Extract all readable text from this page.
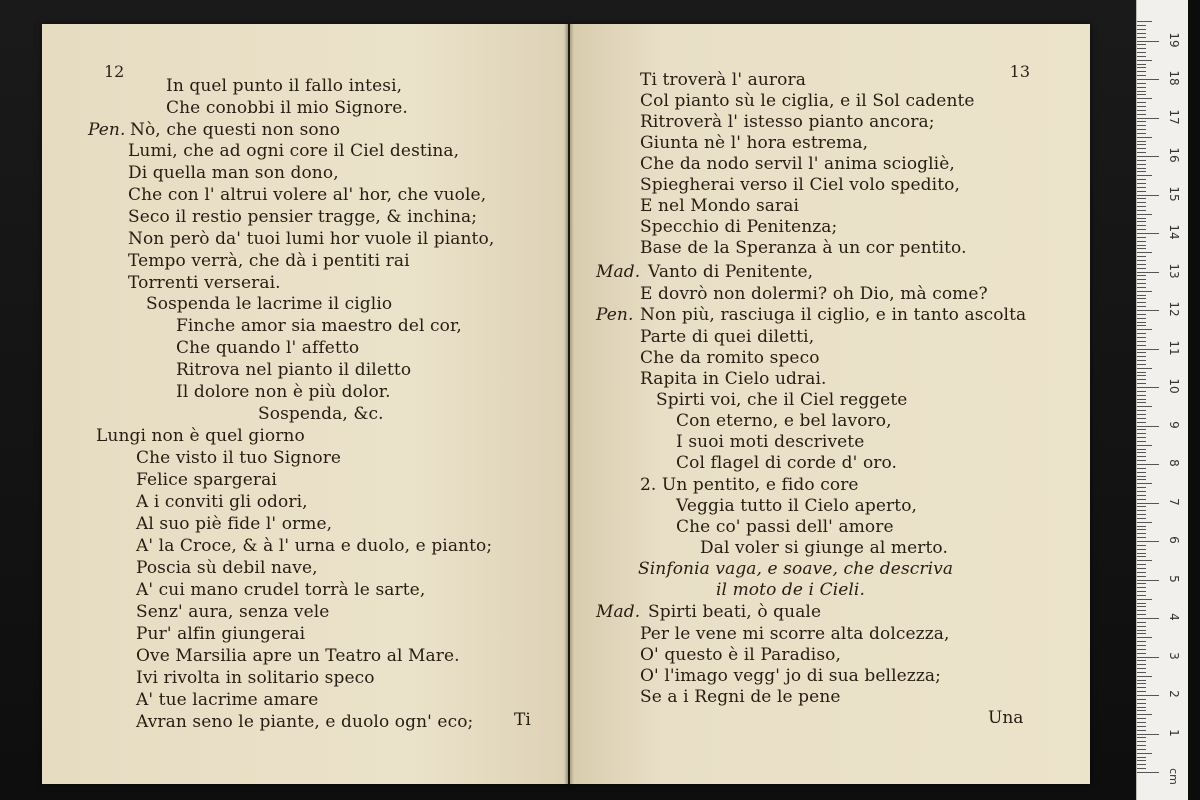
12	13
In quel punto il fallo intesi,
Che conobbi il mio Signore.
Pen. Nò, che questi non sono
Lumi, che ad ogni core il Ciel destina,
Di quella man son dono,
Che con l' altrui volere al' hor, che vuole,
Seco il restio pensier tragge, & inchina;
Non però da' tuoi lumi hor vuole il pianto,
Tempo verrà, che dà i pentiti rai
Torrenti verserai.
Sospenda le lacrime il ciglio
Finche amor sia maestro del cor,
Che quando l' affetto
Ritrova nel pianto il diletto
Il dolore non è più dolor.
Sospenda, &c.
Lungi non è quel giorno
Che visto il tuo Signore
Felice spargerai
A i conviti gli odori,
Al suo piè fide l' orme,
A' la Croce, & à l' urna e duolo, e pianto;
Poscia sù debil nave,
A' cui mano crudel torrà le sarte,
Senz' aura, senza vele
Pur' alfin giungerai
Ove Marsilia apre un Teatro al Mare.
Ivi rivolta in solitario speco
A' tue lacrime amare
Avran seno le piante, e duolo ogn' eco; Ti
Ti troverà l' aurora
Col pianto sù le ciglia, e il Sol cadente
Ritroverà l' istesso pianto ancora;
Giunta nè l' hora estrema,
Che da nodo servil l' anima sciogliè,
Spiegherai verso il Ciel volo spedito,
E nel Mondo sarai
Specchio di Penitenza;
Base de la Speranza à un cor pentito.
Mad. Vanto di Penitente,
E dovrò non dolermi? oh Dio, mà come?
Pen. Non più, rasciuga il ciglio, e in tanto ascolta
Parte di quei diletti,
Che da romito speco
Rapita in Cielo udrai.
Spirti voi, che il Ciel reggete
Con eterno, e bel lavoro,
I suoi moti descrivete
Col flagel di corde d' oro.
2. Un pentito, e fido core
Veggia tutto il Cielo aperto,
Che co' passi dell' amore
Dal voler si giunge al merto.
Sinfonia vaga, e soave, che descriva
il moto de i Cieli.
Mad. Spirti beati, ò quale
Per le vene mi scorre alta dolcezza,
O' questo è il Paradiso,
O' l'imago vegg' jo di sua bellezza;
Se a i Regni de le pene
Una
cm
1
2
3
4
5
6
7
8
9
10
11
12
13
14
15
16
17
18
19
